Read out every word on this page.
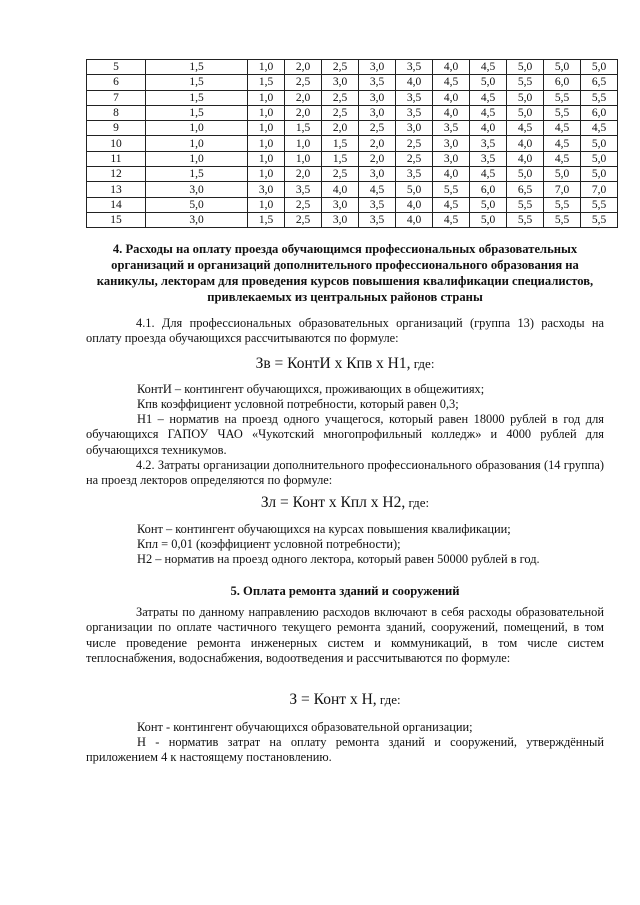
5	1,5	1,0	2,0	2,5	3,0	3,5	4,0	4,5	5,0	5,0	5,0
6	1,5	1,5	2,5	3,0	3,5	4,0	4,5	5,0	5,5	6,0	6,5
7	1,5	1,0	2,0	2,5	3,0	3,5	4,0	4,5	5,0	5,5	5,5
8	1,5	1,0	2,0	2,5	3,0	3,5	4,0	4,5	5,0	5,5	6,0
9	1,0	1,0	1,5	2,0	2,5	3,0	3,5	4,0	4,5	4,5	4,5
10	1,0	1,0	1,0	1,5	2,0	2,5	3,0	3,5	4,0	4,5	5,0
11	1,0	1,0	1,0	1,5	2,0	2,5	3,0	3,5	4,0	4,5	5,0
12	1,5	1,0	2,0	2,5	3,0	3,5	4,0	4,5	5,0	5,0	5,0
13	3,0	3,0	3,5	4,0	4,5	5,0	5,5	6,0	6,5	7,0	7,0
14	5,0	1,0	2,5	3,0	3,5	4,0	4,5	5,0	5,5	5,5	5,5
15	3,0	1,5	2,5	3,0	3,5	4,0	4,5	5,0	5,5	5,5	5,5
4. Расходы на оплату проезда обучающимся профессиональных образовательных организаций и организаций дополнительного профессионального образования на каникулы, лекторам для проведения курсов повышения квалификации специалистов, привлекаемых из центральных районов страны
4.1. Для профессиональных образовательных организаций (группа 13) расходы на оплату проезда обучающихся рассчитываются по формуле:
Зв = КонтИ х Кпв х Н1, где:
КонтИ – контингент обучающихся, проживающих в общежитиях;
Кпв коэффициент условной потребности, который равен 0,3;
Н1 – норматив на проезд одного учащегося, который равен 18000 рублей в год для обучающихся ГАПОУ ЧАО «Чукотский многопрофильный колледж» и 4000 рублей для обучающихся техникумов.
4.2. Затраты организации дополнительного профессионального образования (14 группа) на проезд лекторов определяются по формуле:
Зл = Конт х Кпл х Н2, где:
Конт – контингент обучающихся на курсах повышения квалификации;
Кпл = 0,01 (коэффициент условной потребности);
Н2 – норматив на проезд одного лектора, который равен 50000 рублей в год.
5. Оплата ремонта зданий и сооружений
Затраты по данному направлению расходов включают в себя расходы образовательной организации по оплате частичного текущего ремонта зданий, сооружений, помещений, в том числе проведение ремонта инженерных систем и коммуникаций, в том числе систем теплоснабжения, водоснабжения, водоотведения и рассчитываются по формуле:
З = Конт х Н, где:
Конт - контингент обучающихся образовательной организации;
Н - норматив затрат на оплату ремонта зданий и сооружений, утверждённый приложением 4 к настоящему постановлению.
